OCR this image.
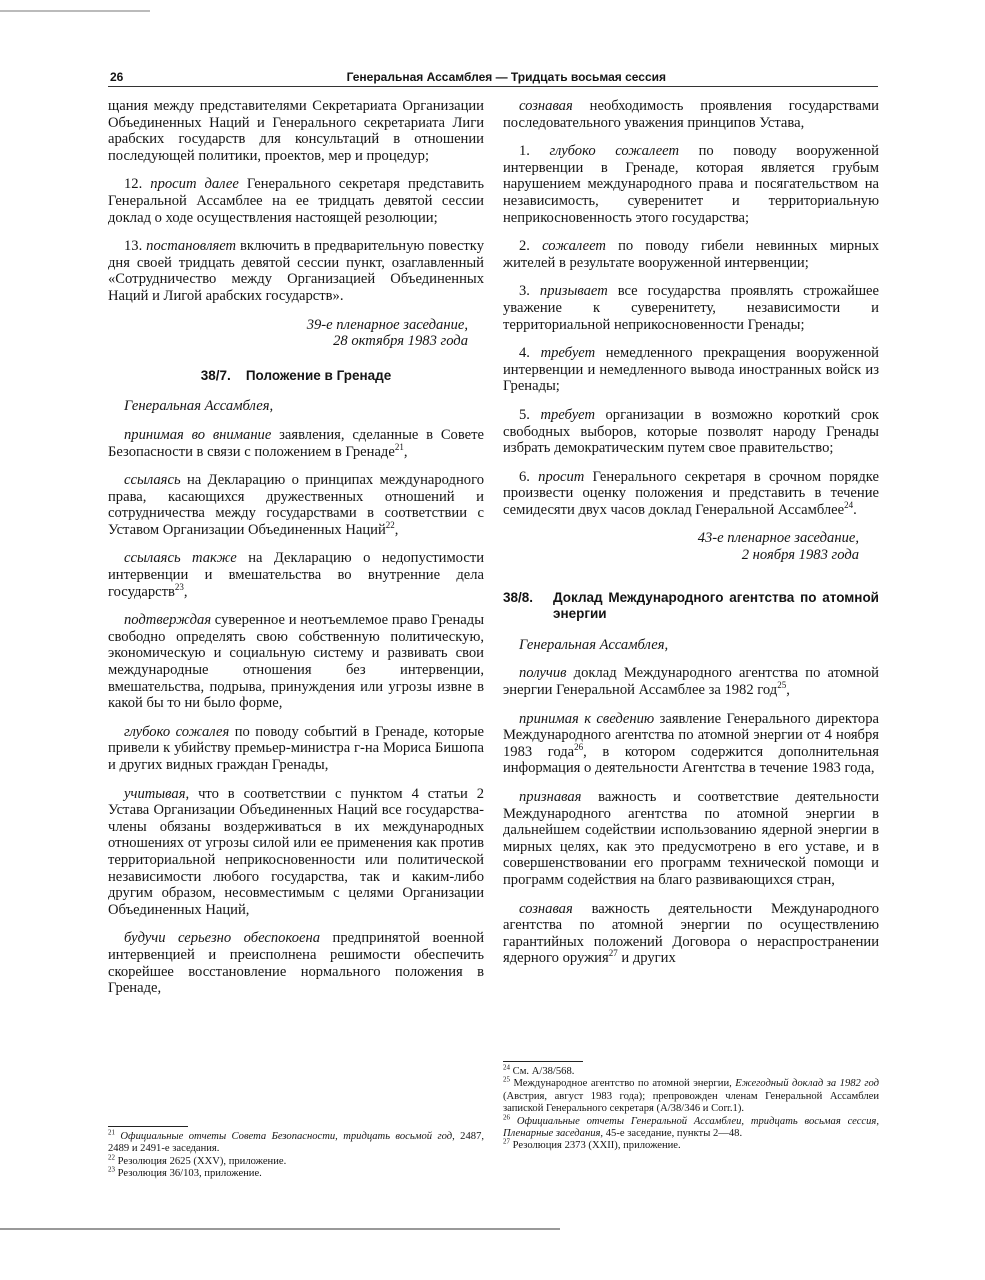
26	Генеральная Ассамблея — Тридцать восьмая сессия

щания между представителями Секретариата Организации Объединенных Наций и Генерального секретариата Лиги арабских государств для консультаций в отношении последующей политики, проектов, мер и процедур;

12. просит далее Генерального секретаря представить Генеральной Ассамблее на ее тридцать девятой сессии доклад о ходе осуществления настоящей резолюции;

13. постановляет включить в предварительную повестку дня своей тридцать девятой сессии пункт, озаглавленный «Сотрудничество между Организацией Объединенных Наций и Лигой арабских государств».

39-е пленарное заседание,
28 октября 1983 года
38/7. Положение в Гренаде

Генеральная Ассамблея,

принимая во внимание заявления, сделанные в Совете Безопасности в связи с положением в Гренаде$^{21}$,

ссылаясь на Декларацию о принципах международного права, касающихся дружественных отношений и сотрудничества между государствами в соответствии с Уставом Организации Объединенных Наций$^{22}$,

ссылаясь также на Декларацию о недопустимости интервенции и вмешательства во внутренние дела государств$^{23}$,

подтверждая суверенное и неотъемлемое право Гренады свободно определять свою собственную политическую, экономическую и социальную систему и развивать свои международные отношения без интервенции, вмешательства, подрыва, принуждения или угрозы извне в какой бы то ни было форме,

глубоко сожалея по поводу событий в Гренаде, которые привели к убийству премьер-министра г-на Мориса Бишопа и других видных граждан Гренады,

учитывая, что в соответствии с пунктом 4 статьи 2 Устава Организации Объединенных Наций все государства-члены обязаны воздерживаться в их международных отношениях от угрозы силой или ее применения как против территориальной неприкосновенности или политической независимости любого государства, так и каким-либо другим образом, несовместимым с целями Организации Объединенных Наций,

будучи серьезно обеспокоена предпринятой военной интервенцией и преисполнена решимости обеспечить скорейшее восстановление нормального положения в Гренаде,

$^{21}$ Официальные отчеты Совета Безопасности, тридцать восьмой год, 2487, 2489 и 2491-е заседания.

$^{22}$ Резолюция 2625 (XXV), приложение.

$^{23}$ Резолюция 36/103, приложение.

сознавая необходимость проявления государствами последовательного уважения принципов Устава,

1. глубоко сожалеет по поводу вооруженной интервенции в Гренаде, которая является грубым нарушением международного права и посягательством на независимость, суверенитет и территориальную неприкосновенность этого государства;

2. сожалеет по поводу гибели невинных мирных жителей в результате вооруженной интервенции;

3. призывает все государства проявлять строжайшее уважение к суверенитету, независимости и территориальной неприкосновенности Гренады;

4. требует немедленного прекращения вооруженной интервенции и немедленного вывода иностранных войск из Гренады;

5. требует организации в возможно короткий срок свободных выборов, которые позволят народу Гренады избрать демократическим путем свое правительство;

6. просит Генерального секретаря в срочном порядке произвести оценку положения и представить в течение семидесяти двух часов доклад Генеральной Ассамблее$^{24}$.

43-е пленарное заседание,
2 ноября 1983 года
38/8.	Доклад Международного агентства по атомной энергии

Генеральная Ассамблея,

получив доклад Международного агентства по атомной энергии Генеральной Ассамблее за 1982 год$^{25}$,

принимая к сведению заявление Генерального директора Международного агентства по атомной энергии от 4 ноября 1983 года$^{26}$, в котором содержится дополнительная информация о деятельности Агентства в течение 1983 года,

признавая важность и соответствие деятельности Международного агентства по атомной энергии в дальнейшем содействии использованию ядерной энергии в мирных целях, как это предусмотрено в его уставе, и в совершенствовании его программ технической помощи и программ содействия на благо развивающихся стран,

сознавая важность деятельности Международного агентства по атомной энергии по осуществлению гарантийных положений Договора о нераспространении ядерного оружия$^{27}$ и других

$^{24}$ См. A/38/568.

$^{25}$ Международное агентство по атомной энергии, Ежегодный доклад за 1982 год (Австрия, август 1983 года); препровожден членам Генеральной Ассамблеи запиской Генерального секретаря (A/38/346 и Corr.1).

$^{26}$ Официальные отчеты Генеральной Ассамблеи, тридцать восьмая сессия, Пленарные заседания, 45-е заседание, пункты 2—48.

$^{27}$ Резолюция 2373 (XXII), приложение.
